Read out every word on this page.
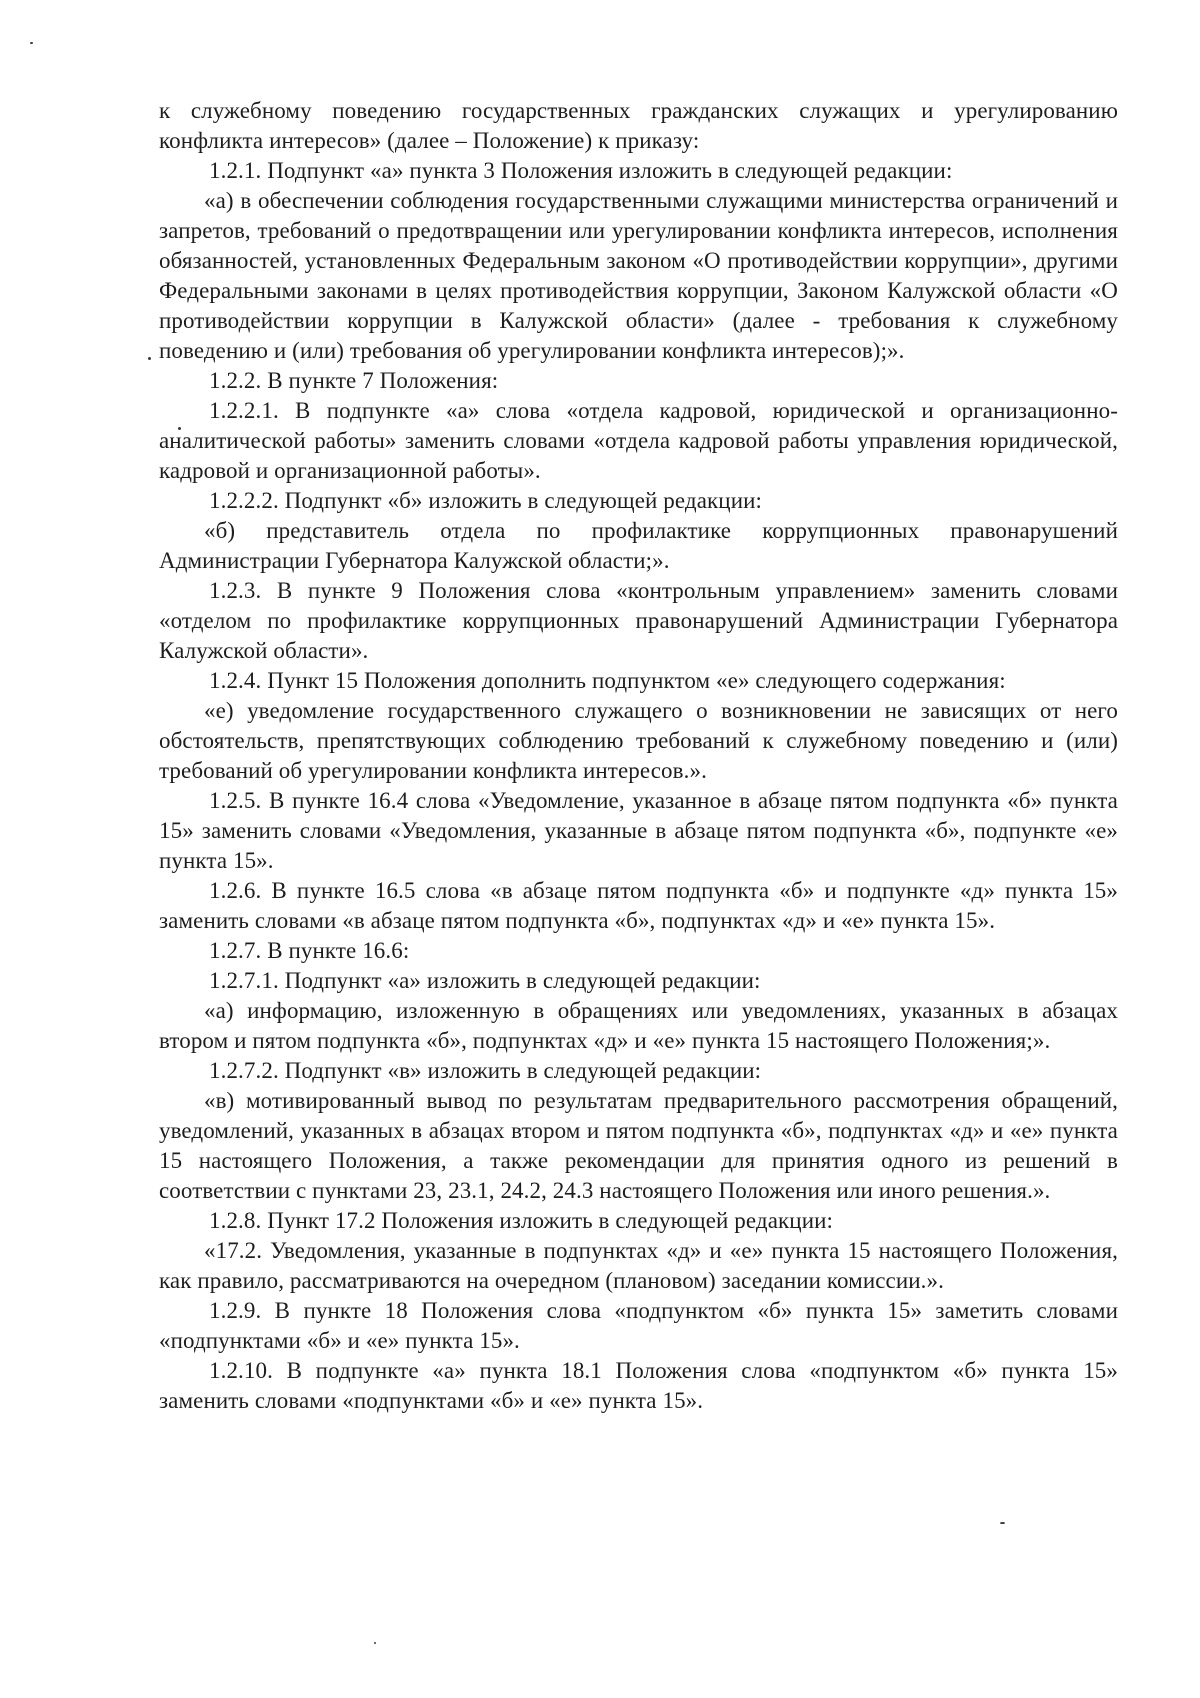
к служебному поведению государственных гражданских служащих и урегулированию конфликта интересов» (далее – Положение) к приказу:

1.2.1. Подпункт «а» пункта 3 Положения изложить в следующей редакции:

«а) в обеспечении соблюдения государственными служащими министерства ограничений и запретов, требований о предотвращении или урегулировании конфликта интересов, исполнения обязанностей, установленных Федеральным законом «О противодействии коррупции», другими Федеральными законами в целях противодействия коррупции, Законом Калужской области «О противодействии коррупции в Калужской области» (далее - требования к служебному поведению и (или) требования об урегулировании конфликта интересов);».

1.2.2. В пункте 7 Положения:

1.2.2.1. В подпункте «а» слова «отдела кадровой, юридической и организационно-аналитической работы» заменить словами «отдела кадровой работы управления юридической, кадровой и организационной работы».

1.2.2.2. Подпункт «б» изложить в следующей редакции:

«б) представитель отдела по профилактике коррупционных правонарушений Администрации Губернатора Калужской области;».

1.2.3. В пункте 9 Положения слова «контрольным управлением» заменить словами «отделом по профилактике коррупционных правонарушений Администрации Губернатора Калужской области».

1.2.4. Пункт 15 Положения дополнить подпунктом «е» следующего содержания:

«е) уведомление государственного служащего о возникновении не зависящих от него обстоятельств, препятствующих соблюдению требований к служебному поведению и (или) требований об урегулировании конфликта интересов.».

1.2.5. В пункте 16.4 слова «Уведомление, указанное в абзаце пятом подпункта «б» пункта 15» заменить словами «Уведомления, указанные в абзаце пятом подпункта «б», подпункте «е» пункта 15».

1.2.6. В пункте 16.5 слова «в абзаце пятом подпункта «б» и подпункте «д» пункта 15» заменить словами «в абзаце пятом подпункта «б», подпунктах «д» и «е» пункта 15».

1.2.7. В пункте 16.6:

1.2.7.1. Подпункт «а» изложить в следующей редакции:

«а) информацию, изложенную в обращениях или уведомлениях, указанных в абзацах втором и пятом подпункта «б», подпунктах «д» и «е» пункта 15 настоящего Положения;».

1.2.7.2. Подпункт «в» изложить в следующей редакции:

«в) мотивированный вывод по результатам предварительного рассмотрения обращений, уведомлений, указанных в абзацах втором и пятом подпункта «б», подпунктах «д» и «е» пункта 15 настоящего Положения, а также рекомендации для принятия одного из решений в соответствии с пунктами 23, 23.1, 24.2, 24.3 настоящего Положения или иного решения.».

1.2.8. Пункт 17.2 Положения изложить в следующей редакции:

«17.2. Уведомления, указанные в подпунктах «д» и «е» пункта 15 настоящего Положения, как правило, рассматриваются на очередном (плановом) заседании комиссии.».

1.2.9. В пункте 18 Положения слова «подпунктом «б» пункта 15» заметить словами «подпунктами «б» и «е» пункта 15».

1.2.10. В подпункте «а» пункта 18.1 Положения слова «подпунктом «б» пункта 15» заменить словами «подпунктами «б» и «е» пункта 15».
